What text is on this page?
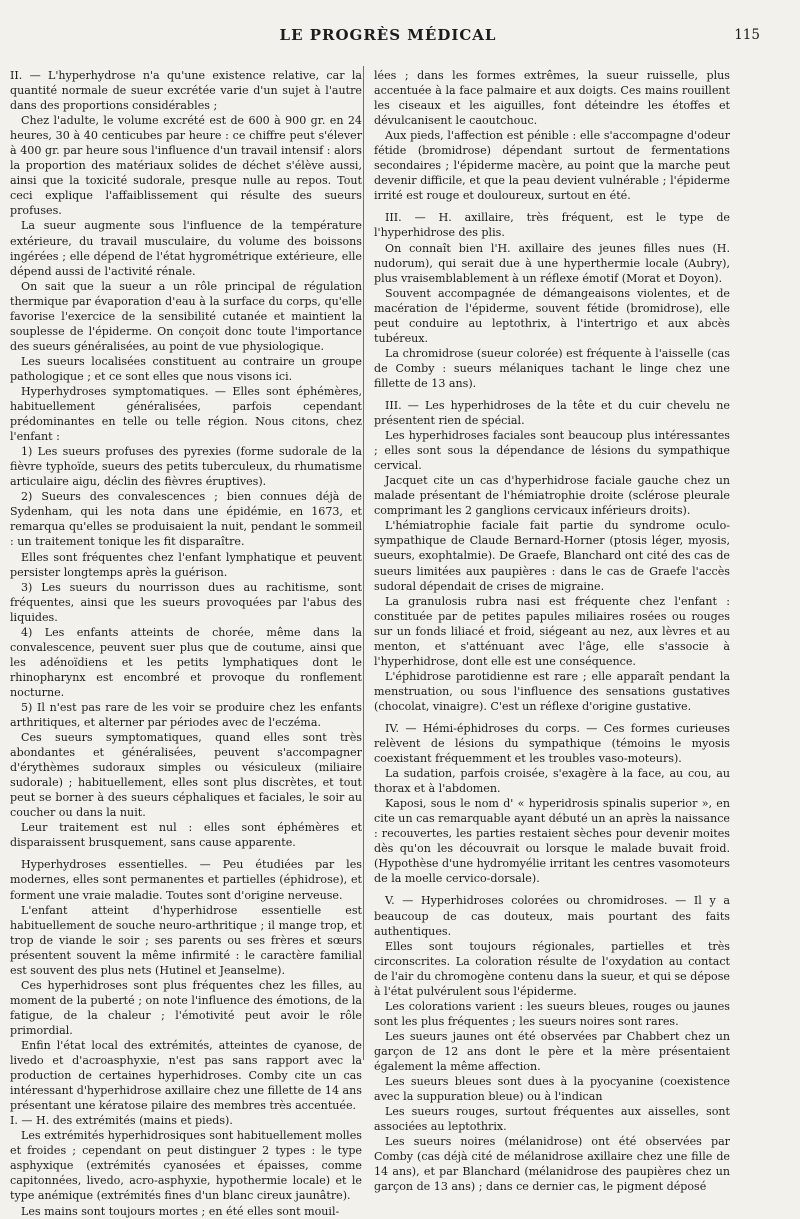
LE PROGRÈS MÉDICAL	115

II. — L'hyperhydrose n'a qu'une existence relative, car la quantité normale de sueur excrétée varie d'un sujet à l'autre dans des proportions considérables ;

Chez l'adulte, le volume excrété est de 600 à 900 gr. en 24 heures, 30 à 40 centicubes par heure : ce chiffre peut s'élever à 400 gr. par heure sous l'influence d'un travail intensif : alors la proportion des matériaux solides de déchet s'élève aussi, ainsi que la toxicité sudorale, presque nulle au repos. Tout ceci explique l'affaiblissement qui résulte des sueurs profuses.

La sueur augmente sous l'influence de la température extérieure, du travail musculaire, du volume des boissons ingérées ; elle dépend de l'état hygrométrique extérieure, elle dépend aussi de l'activité rénale.

On sait que la sueur a un rôle principal de régulation thermique par évaporation d'eau à la surface du corps, qu'elle favorise l'exercice de la sensibilité cutanée et maintient la souplesse de l'épiderme. On conçoit donc toute l'importance des sueurs généralisées, au point de vue physiologique.

Les sueurs localisées constituent au contraire un groupe pathologique ; et ce sont elles que nous visons ici.

Hyperhydroses symptomatiques. — Elles sont éphémères, habituellement généralisées, parfois cependant prédominantes en telle ou telle région. Nous citons, chez l'enfant :

1) Les sueurs profuses des pyrexies (forme sudorale de la fièvre typhoïde, sueurs des petits tuberculeux, du rhumatisme articulaire aigu, déclin des fièvres éruptives).

2) Sueurs des convalescences ; bien connues déjà de Sydenham, qui les nota dans une épidémie, en 1673, et remarqua qu'elles se produisaient la nuit, pendant le sommeil : un traitement tonique les fit disparaître.

Elles sont fréquentes chez l'enfant lymphatique et peuvent persister longtemps après la guérison.

3) Les sueurs du nourrisson dues au rachitisme, sont fréquentes, ainsi que les sueurs provoquées par l'abus des liquides.

4) Les enfants atteints de chorée, même dans la convalescence, peuvent suer plus que de coutume, ainsi que les adénoïdiens et les petits lymphatiques dont le rhinopharynx est encombré et provoque du ronflement nocturne.

5) Il n'est pas rare de les voir se produire chez les enfants arthritiques, et alterner par périodes avec de l'eczéma.

Ces sueurs symptomatiques, quand elles sont très abondantes et généralisées, peuvent s'accompagner d'érythèmes sudoraux simples ou vésiculeux (miliaire sudorale) ; habituellement, elles sont plus discrètes, et tout peut se borner à des sueurs céphaliques et faciales, le soir au coucher ou dans la nuit.

Leur traitement est nul : elles sont éphémères et disparaissent brusquement, sans cause apparente.

Hyperhydroses essentielles. — Peu étudiées par les modernes, elles sont permanentes et partielles (éphidrose), et forment une vraie maladie. Toutes sont d'origine nerveuse.

L'enfant atteint d'hyperhidrose essentielle est habituellement de souche neuro-arthritique ; il mange trop, et trop de viande le soir ; ses parents ou ses frères et sœurs présentent souvent la même infirmité : le caractère familial est souvent des plus nets (Hutinel et Jeanselme).

Ces hyperhidroses sont plus fréquentes chez les filles, au moment de la puberté ; on note l'influence des émotions, de la fatigue, de la chaleur ; l'émotivité peut avoir le rôle primordial.

Enfin l'état local des extrémités, atteintes de cyanose, de livedo et d'acroasphyxie, n'est pas sans rapport avec la production de certaines hyperhidroses. Comby cite un cas intéressant d'hyperhidrose axillaire chez une fillette de 14 ans présentant une kératose pilaire des membres très accentuée.

I. — H. des extrémités (mains et pieds).

Les extrémités hyperhidrosiques sont habituellement molles et froides ; cependant on peut distinguer 2 types : le type asphyxique (extrémités cyanosées et épaisses, comme capitonnées, livedo, acro-asphyxie, hypothermie locale) et le type anémique (extrémités fines d'un blanc cireux jaunâtre).

Les mains sont toujours mortes ; en été elles sont mouil-

lées ; dans les formes extrêmes, la sueur ruisselle, plus accentuée à la face palmaire et aux doigts. Ces mains rouillent les ciseaux et les aiguilles, font déteindre les étoffes et dévulcanisent le caoutchouc.

Aux pieds, l'affection est pénible : elle s'accompagne d'odeur fétide (bromidrose) dépendant surtout de fermentations secondaires ; l'épiderme macère, au point que la marche peut devenir difficile, et que la peau devient vulnérable ; l'épiderme irrité est rouge et douloureux, surtout en été.

III. — H. axillaire, très fréquent, est le type de l'hyperhidrose des plis.

On connaît bien l'H. axillaire des jeunes filles nues (H. nudorum), qui serait due à une hyperthermie locale (Aubry), plus vraisemblablement à un réflexe émotif (Morat et Doyon).

Souvent accompagnée de démangeaisons violentes, et de macération de l'épiderme, souvent fétide (bromidrose), elle peut conduire au leptothrix, à l'intertrigo et aux abcès tubéreux.

La chromidrose (sueur colorée) est fréquente à l'aisselle (cas de Comby : sueurs mélaniques tachant le linge chez une fillette de 13 ans).

III. — Les hyperhidroses de la tête et du cuir chevelu ne présentent rien de spécial.

Les hyperhidroses faciales sont beaucoup plus intéressantes ; elles sont sous la dépendance de lésions du sympathique cervical.

Jacquet cite un cas d'hyperhidrose faciale gauche chez un malade présentant de l'hémiatrophie droite (sclérose pleurale comprimant les 2 ganglions cervicaux inférieurs droits).

L'hémiatrophie faciale fait partie du syndrome oculo-sympathique de Claude Bernard-Horner (ptosis léger, myosis, sueurs, exophtalmie). De Graefe, Blanchard ont cité des cas de sueurs limitées aux paupières : dans le cas de Graefe l'accès sudoral dépendait de crises de migraine.

La granulosis rubra nasi est fréquente chez l'enfant : constituée par de petites papules miliaires rosées ou rouges sur un fonds liliacé et froid, siégeant au nez, aux lèvres et au menton, et s'atténuant avec l'âge, elle s'associe à l'hyperhidrose, dont elle est une conséquence.

L'éphidrose parotidienne est rare ; elle apparaît pendant la menstruation, ou sous l'influence des sensations gustatives (chocolat, vinaigre). C'est un réflexe d'origine gustative.

IV. — Hémi-éphidroses du corps. — Ces formes curieuses relèvent de lésions du sympathique (témoins le myosis coexistant fréquemment et les troubles vaso-moteurs).

La sudation, parfois croisée, s'exagère à la face, au cou, au thorax et à l'abdomen.

Kaposi, sous le nom d' « hyperidrosis spinalis superior », en cite un cas remarquable ayant débuté un an après la naissance : recouvertes, les parties restaient sèches pour devenir moites dès qu'on les découvrait ou lorsque le malade buvait froid. (Hypothèse d'une hydromyélie irritant les centres vasomoteurs de la moelle cervico-dorsale).

V. — Hyperhidroses colorées ou chromidroses. — Il y a beaucoup de cas douteux, mais pourtant des faits authentiques.

Elles sont toujours régionales, partielles et très circonscrites. La coloration résulte de l'oxydation au contact de l'air du chromogène contenu dans la sueur, et qui se dépose à l'état pulvérulent sous l'épiderme.

Les colorations varient : les sueurs bleues, rouges ou jaunes sont les plus fréquentes ; les sueurs noires sont rares.

Les sueurs jaunes ont été observées par Chabbert chez un garçon de 12 ans dont le père et la mère présentaient également la même affection.

Les sueurs bleues sont dues à la pyocyanine (coexistence avec la suppuration bleue) ou à l'indican

Les sueurs rouges, surtout fréquentes aux aisselles, sont associées au leptothrix.

Les sueurs noires (mélanidrose) ont été observées par Comby (cas déjà cité de mélanidrose axillaire chez une fille de 14 ans), et par Blanchard (mélanidrose des paupières chez un garçon de 13 ans) ; dans ce dernier cas, le pigment déposé
